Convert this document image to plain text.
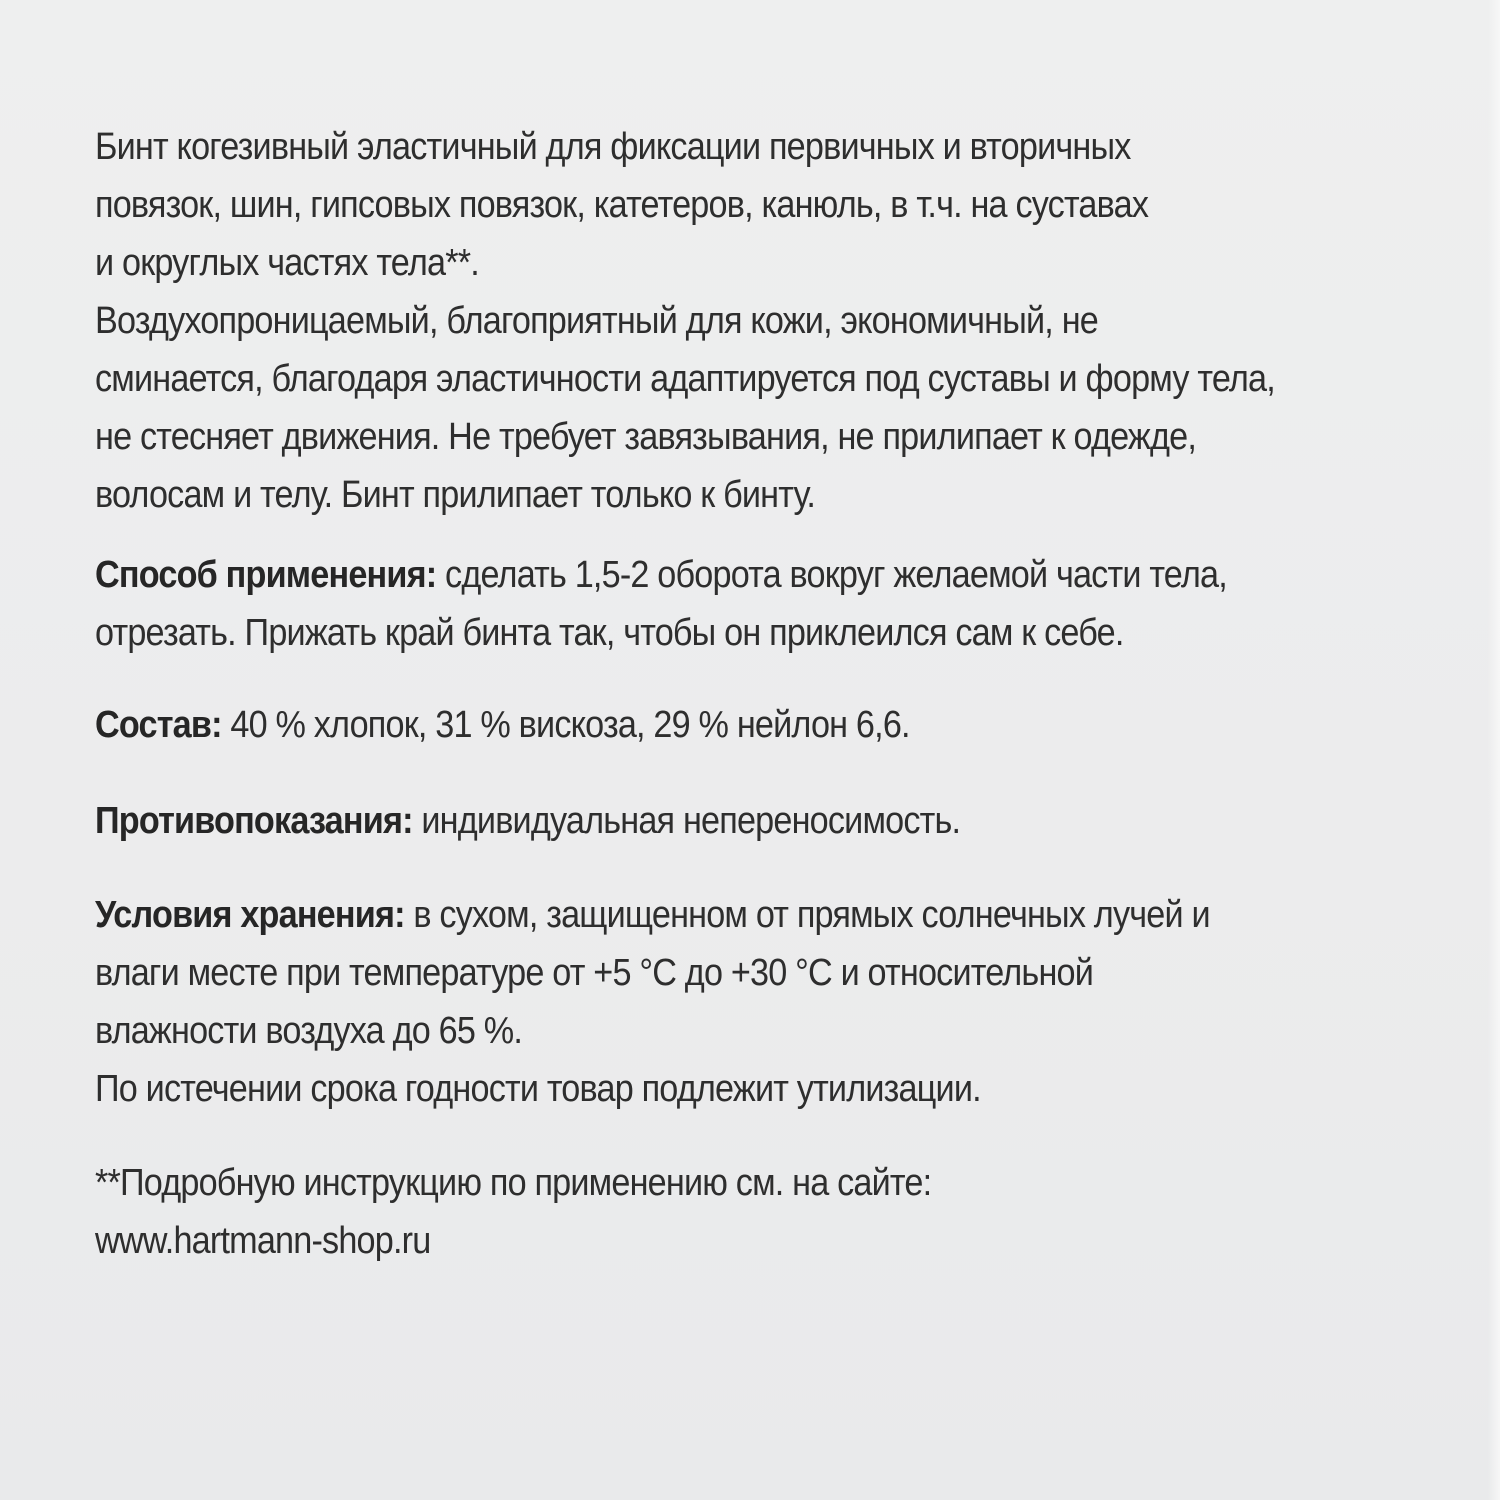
Бинт когезивный эластичный для фиксации первичных и вторичных

повязок, шин, гипсовых повязок, катетеров, канюль, в т.ч. на суставах

и округлых частях тела**.

Воздухопроницаемый, благоприятный для кожи, экономичный, не

сминается, благодаря эластичности адаптируется под суставы и форму тела,

не стесняет движения. Не требует завязывания, не прилипает к одежде,

волосам и телу. Бинт прилипает только к бинту.

Способ применения: сделать 1,5-2 оборота вокруг желаемой части тела,

отрезать. Прижать край бинта так, чтобы он приклеился сам к себе.

Состав: 40 % хлопок, 31 % вискоза, 29 % нейлон 6,6.

Противопоказания: индивидуальная непереносимость.

Условия хранения: в сухом, защищенном от прямых солнечных лучей и

влаги месте при температуре от +5 °С до +30 °С и относительной

влажности воздуха до 65 %.

По истечении срока годности товар подлежит утилизации.

**Подробную инструкцию по применению см. на сайте:

www.hartmann-shop.ru
